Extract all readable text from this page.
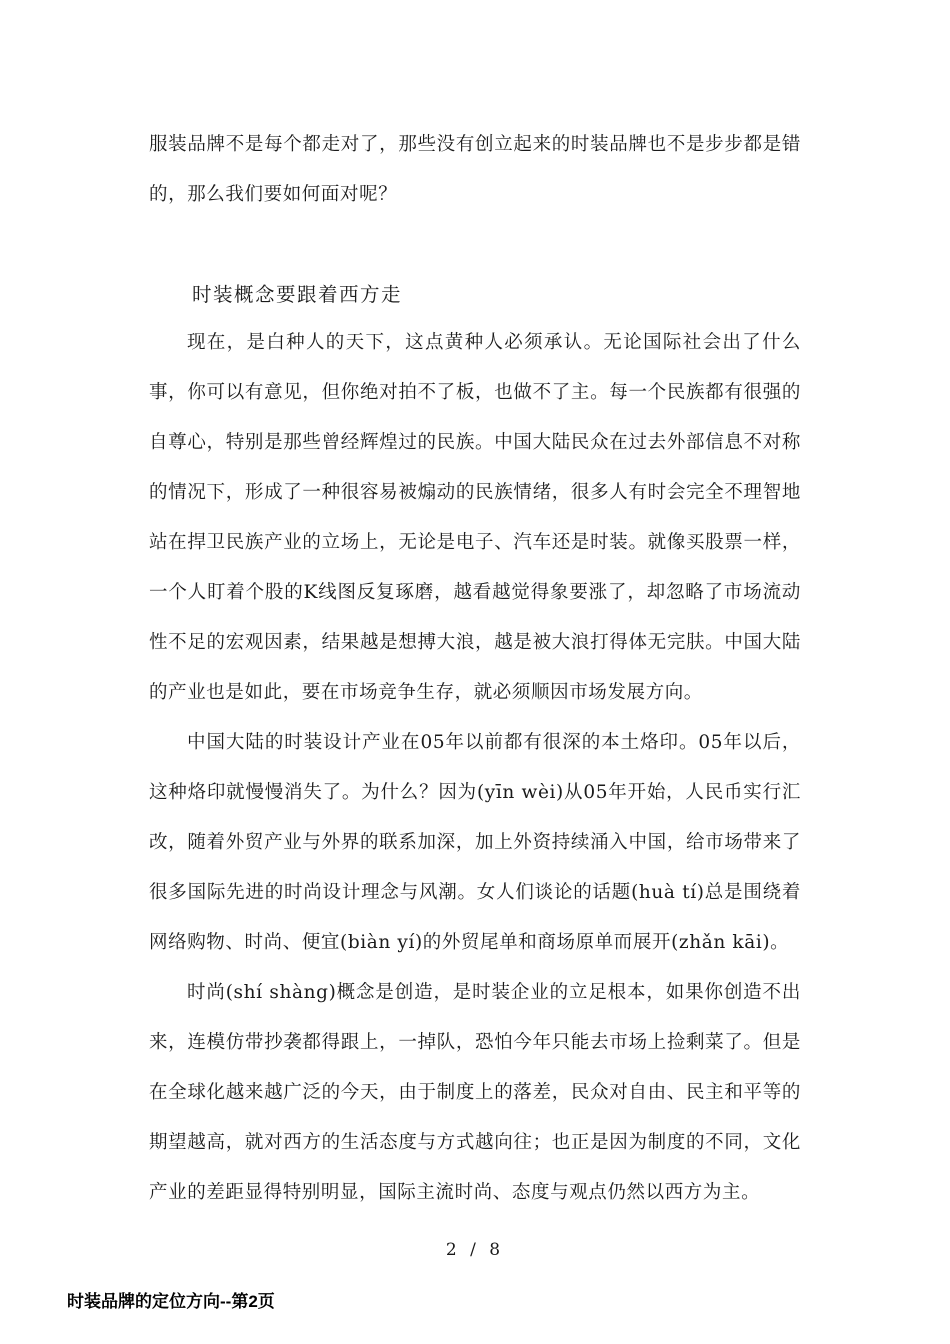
服装品牌不是每个都走对了，那些没有创立起来的时装品牌也不是步步都是错的，那么我们要如何面对呢？

时装概念要跟着西方走

现在，是白种人的天下，这点黄种人必须承认。无论国际社会出了什么事，你可以有意见，但你绝对拍不了板，也做不了主。每一个民族都有很强的自尊心，特别是那些曾经辉煌过的民族。中国大陆民众在过去外部信息不对称的情况下，形成了一种很容易被煽动的民族情绪，很多人有时会完全不理智地站在捍卫民族产业的立场上，无论是电子、汽车还是时装。就像买股票一样，一个人盯着个股的K线图反复琢磨，越看越觉得象要涨了，却忽略了市场流动性不足的宏观因素，结果越是想搏大浪，越是被大浪打得体无完肤。中国大陆的产业也是如此，要在市场竞争生存，就必须顺因市场发展方向。

中国大陆的时装设计产业在05年以前都有很深的本土烙印。05年以后，这种烙印就慢慢消失了。为什么？因为(yīn wèi)从05年开始，人民币实行汇改，随着外贸产业与外界的联系加深，加上外资持续涌入中国，给市场带来了很多国际先进的时尚设计理念与风潮。女人们谈论的话题(huà tí)总是围绕着网络购物、时尚、便宜(biàn yí)的外贸尾单和商场原单而展开(zhǎn kāi)。

时尚(shí shàng)概念是创造，是时装企业的立足根本，如果你创造不出来，连模仿带抄袭都得跟上，一掉队，恐怕今年只能去市场上捡剩菜了。但是在全球化越来越广泛的今天，由于制度上的落差，民众对自由、民主和平等的期望越高，就对西方的生活态度与方式越向往；也正是因为制度的不同，文化产业的差距显得特别明显，国际主流时尚、态度与观点仍然以西方为主。

2 / 8
时装品牌的定位方向--第2页
